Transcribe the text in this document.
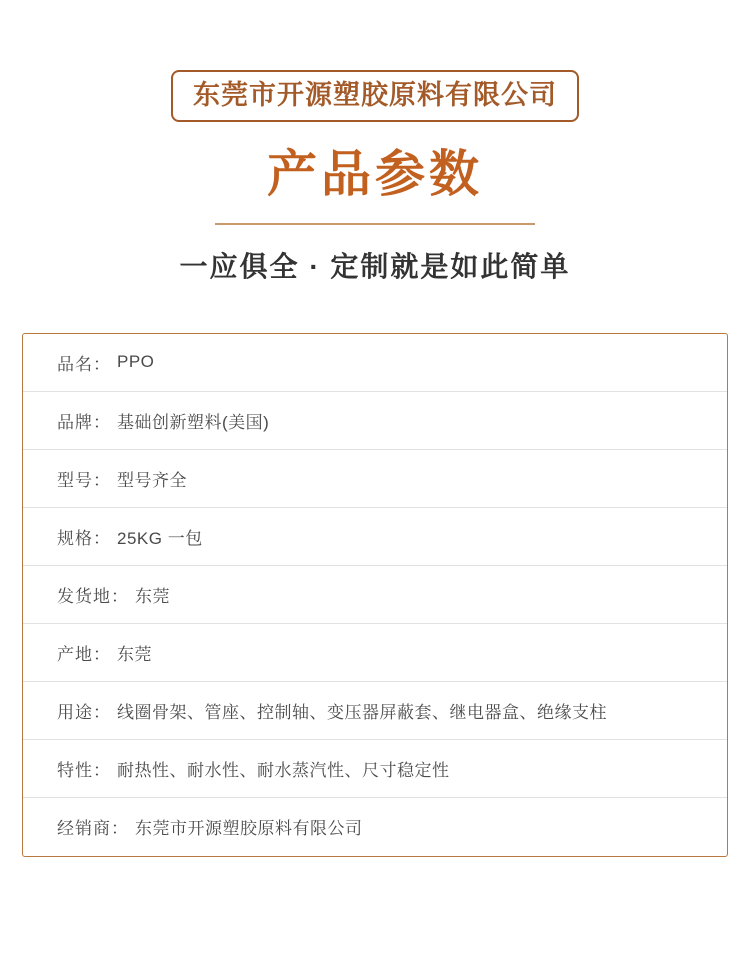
东莞市开源塑胶原料有限公司
产品参数
一应俱全 · 定制就是如此简单
品名： PPO
品牌： 基础创新塑料(美国)
型号： 型号齐全
规格： 25KG 一包
发货地： 东莞
产地： 东莞
用途： 线圈骨架、管座、控制轴、变压器屏蔽套、继电器盒、绝缘支柱
特性： 耐热性、耐水性、耐水蒸汽性、尺寸稳定性
经销商： 东莞市开源塑胶原料有限公司
